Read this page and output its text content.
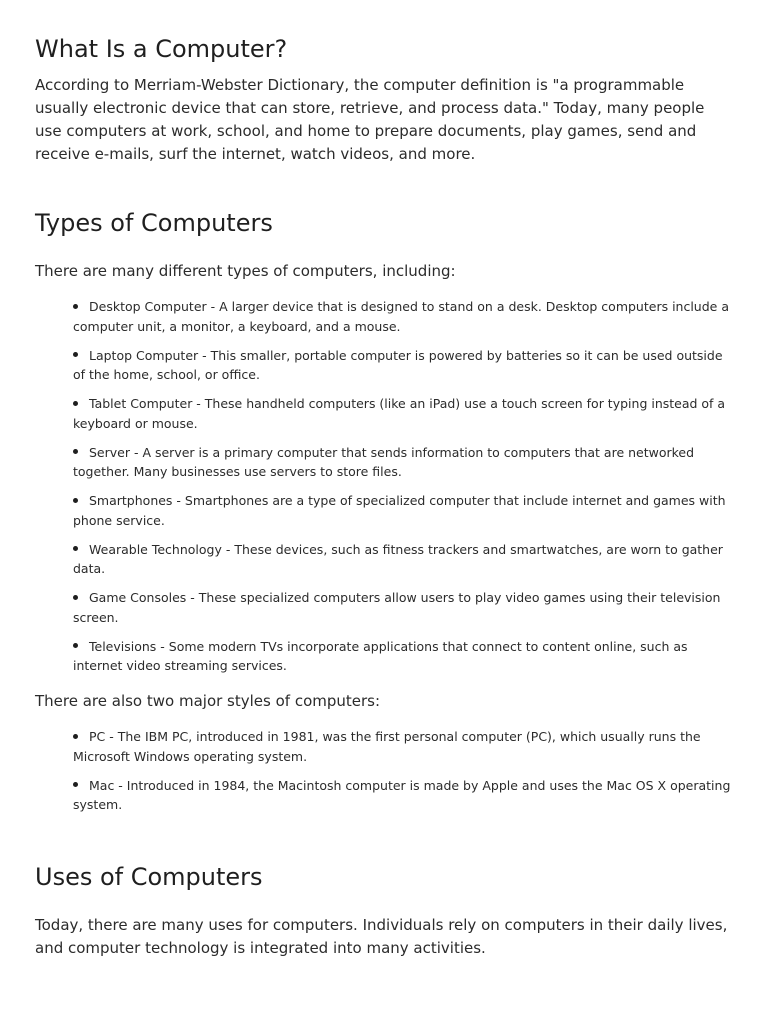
What Is a Computer?

According to Merriam-Webster Dictionary, the computer definition is "a programmable usually electronic device that can store, retrieve, and process data." Today, many people use computers at work, school, and home to prepare documents, play games, send and receive e-mails, surf the internet, watch videos, and more.

Types of Computers

There are many different types of computers, including:

Desktop Computer - A larger device that is designed to stand on a desk. Desktop computers include a computer unit, a monitor, a keyboard, and a mouse.
Laptop Computer - This smaller, portable computer is powered by batteries so it can be used outside of the home, school, or office.
Tablet Computer - These handheld computers (like an iPad) use a touch screen for typing instead of a keyboard or mouse.
Server - A server is a primary computer that sends information to computers that are networked together. Many businesses use servers to store files.
Smartphones - Smartphones are a type of specialized computer that include internet and games with phone service.
Wearable Technology - These devices, such as fitness trackers and smartwatches, are worn to gather data.
Game Consoles - These specialized computers allow users to play video games using their television screen.
Televisions - Some modern TVs incorporate applications that connect to content online, such as internet video streaming services.

There are also two major styles of computers:

PC - The IBM PC, introduced in 1981, was the first personal computer (PC), which usually runs the Microsoft Windows operating system.
Mac - Introduced in 1984, the Macintosh computer is made by Apple and uses the Mac OS X operating system.
Uses of Computers

Today, there are many uses for computers. Individuals rely on computers in their daily lives, and computer technology is integrated into many activities.
